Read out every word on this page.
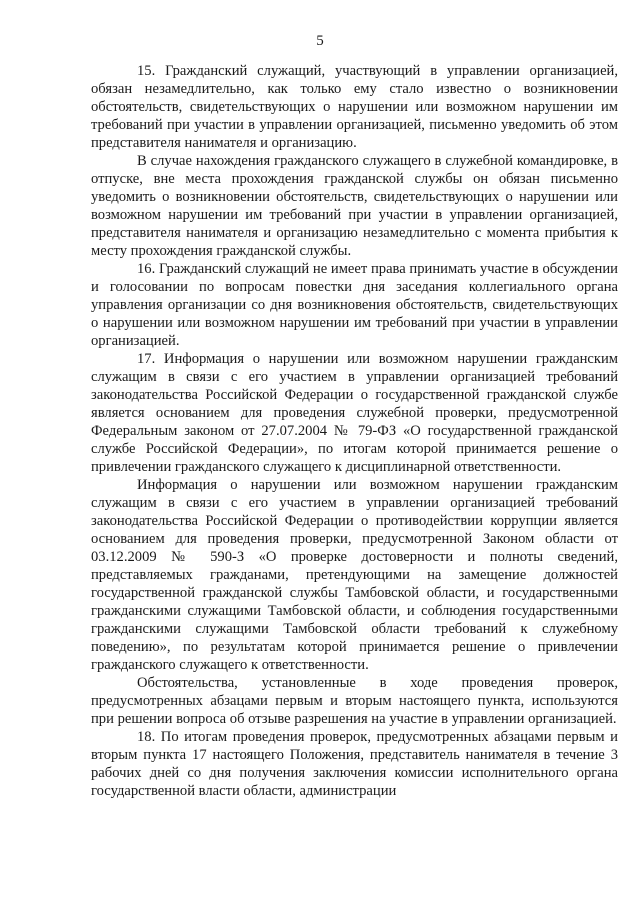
5

15. Гражданский служащий, участвующий в управлении организацией, обязан незамедлительно, как только ему стало известно о возникновении обстоятельств, свидетельствующих о нарушении или возможном нарушении им требований при участии в управлении организацией, письменно уведомить об этом представителя нанимателя и организацию.

В случае нахождения гражданского служащего в служебной командировке, в отпуске, вне места прохождения гражданской службы он обязан письменно уведомить о возникновении обстоятельств, свидетельствующих о нарушении или возможном нарушении им требований при участии в управлении организацией, представителя нанимателя и организацию незамедлительно с момента прибытия к месту прохождения гражданской службы.

16. Гражданский служащий не имеет права принимать участие в обсуждении и голосовании по вопросам повестки дня заседания коллегиального органа управления организации со дня возникновения обстоятельств, свидетельствующих о нарушении или возможном нарушении им требований при участии в управлении организацией.

17. Информация о нарушении или возможном нарушении гражданским служащим в связи с его участием в управлении организацией требований законодательства Российской Федерации о государственной гражданской службе является основанием для проведения служебной проверки, предусмотренной Федеральным законом от 27.07.2004 № 79-ФЗ «О государственной гражданской службе Российской Федерации», по итогам которой принимается решение о привлечении гражданского служащего к дисциплинарной ответственности.

Информация о нарушении или возможном нарушении гражданским служащим в связи с его участием в управлении организацией требований законодательства Российской Федерации о противодействии коррупции является основанием для проведения проверки, предусмотренной Законом области от 03.12.2009 № 590-З «О проверке достоверности и полноты сведений, представляемых гражданами, претендующими на замещение должностей государственной гражданской службы Тамбовской области, и государственными гражданскими служащими Тамбовской области, и соблюдения государственными гражданскими служащими Тамбовской области требований к служебному поведению», по результатам которой принимается решение о привлечении гражданского служащего к ответственности.

Обстоятельства, установленные в ходе проведения проверок, предусмотренных абзацами первым и вторым настоящего пункта, используются при решении вопроса об отзыве разрешения на участие в управлении организацией.

18. По итогам проведения проверок, предусмотренных абзацами первым и вторым пункта 17 настоящего Положения, представитель нанимателя в течение 3 рабочих дней со дня получения заключения комиссии исполнительного органа государственной власти области, администрации
